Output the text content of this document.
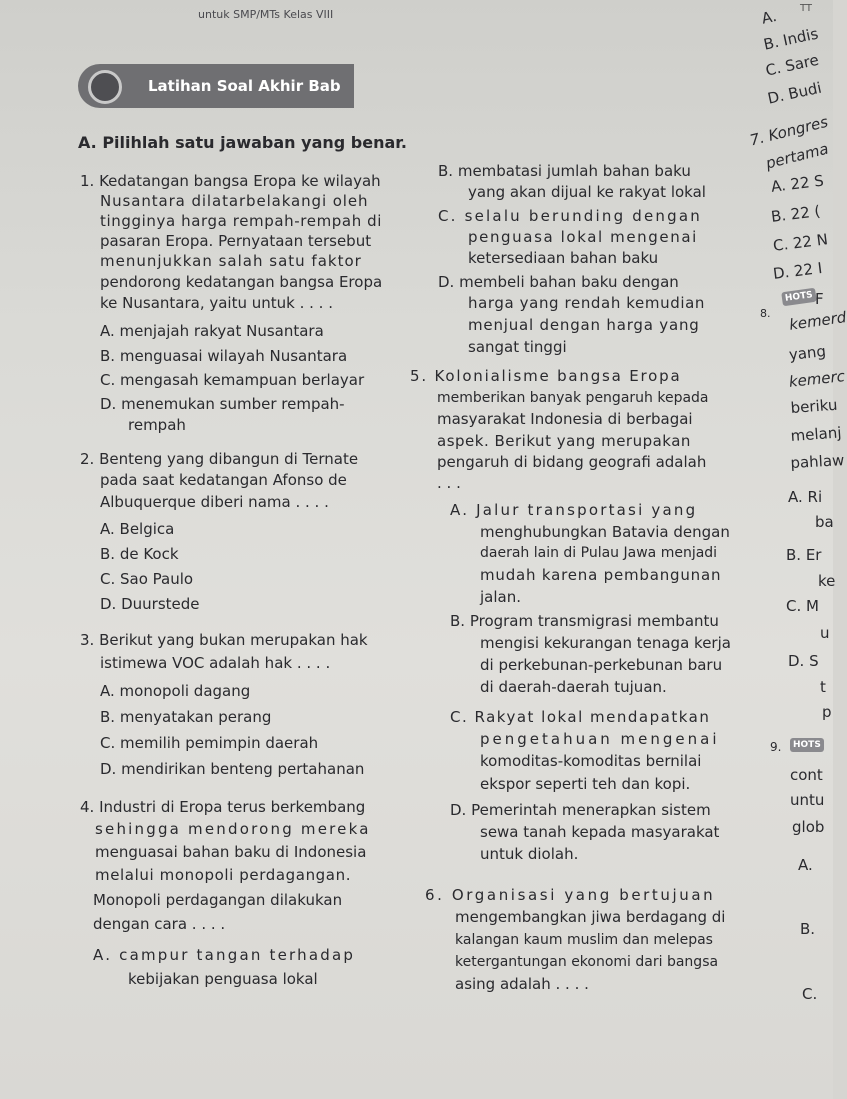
untuk SMP/MTs Kelas VIII
Latihan Soal Akhir Bab
A. Pilihlah satu jawaban yang benar.
1. Kedatangan bangsa Eropa ke wilayah
Nusantara dilatarbelakangi oleh
tingginya harga rempah-rempah di
pasaran Eropa. Pernyataan tersebut
menunjukkan salah satu faktor
pendorong kedatangan bangsa Eropa
ke Nusantara, yaitu untuk . . . .
A. menjajah rakyat Nusantara
B. menguasai wilayah Nusantara
C. mengasah kemampuan berlayar
D. menemukan sumber rempah-
rempah
2. Benteng yang dibangun di Ternate
pada saat kedatangan Afonso de
Albuquerque diberi nama . . . .
A. Belgica
B. de Kock
C. Sao Paulo
D. Duurstede
3. Berikut yang bukan merupakan hak
istimewa VOC adalah hak . . . .
A. monopoli dagang
B. menyatakan perang
C. memilih pemimpin daerah
D. mendirikan benteng pertahanan
4. Industri di Eropa terus berkembang
sehingga mendorong mereka
menguasai bahan baku di Indonesia
melalui monopoli perdagangan.
Monopoli perdagangan dilakukan
dengan cara . . . .
A. campur tangan terhadap
kebijakan penguasa lokal
B. membatasi jumlah bahan baku
yang akan dijual ke rakyat lokal
C. selalu berunding dengan
penguasa lokal mengenai
ketersediaan bahan baku
D. membeli bahan baku dengan
harga yang rendah kemudian
menjual dengan harga yang
sangat tinggi
5. Kolonialisme bangsa Eropa
memberikan banyak pengaruh kepada
masyarakat Indonesia di berbagai
aspek. Berikut yang merupakan
pengaruh di bidang geografi adalah
. . .
A. Jalur transportasi yang
menghubungkan Batavia dengan
daerah lain di Pulau Jawa menjadi
mudah karena pembangunan
jalan.
B. Program transmigrasi membantu
mengisi kekurangan tenaga kerja
di perkebunan-perkebunan baru
di daerah-daerah tujuan.
C. Rakyat lokal mendapatkan
pengetahuan mengenai
komoditas-komoditas bernilai
ekspor seperti teh dan kopi.
D. Pemerintah menerapkan sistem
sewa tanah kepada masyarakat
untuk diolah.
6. Organisasi yang bertujuan
mengembangkan jiwa berdagang di
kalangan kaum muslim dan melepas
ketergantungan ekonomi dari bangsa
asing adalah . . . .
TT
A.
B. Indis
C. Sare
D. Budi
7. Kongres
pertama
A. 22 S
B. 22 (
C. 22 N
D. 22 I
8.
HOTS F
kemerd
yang
kemerc
beriku
melanj
pahlaw
A. Ri
ba
B. Er
ke
C. M
u
D. S
t
p
9.	HOTS
cont
untu
glob
A.
B.
C.
